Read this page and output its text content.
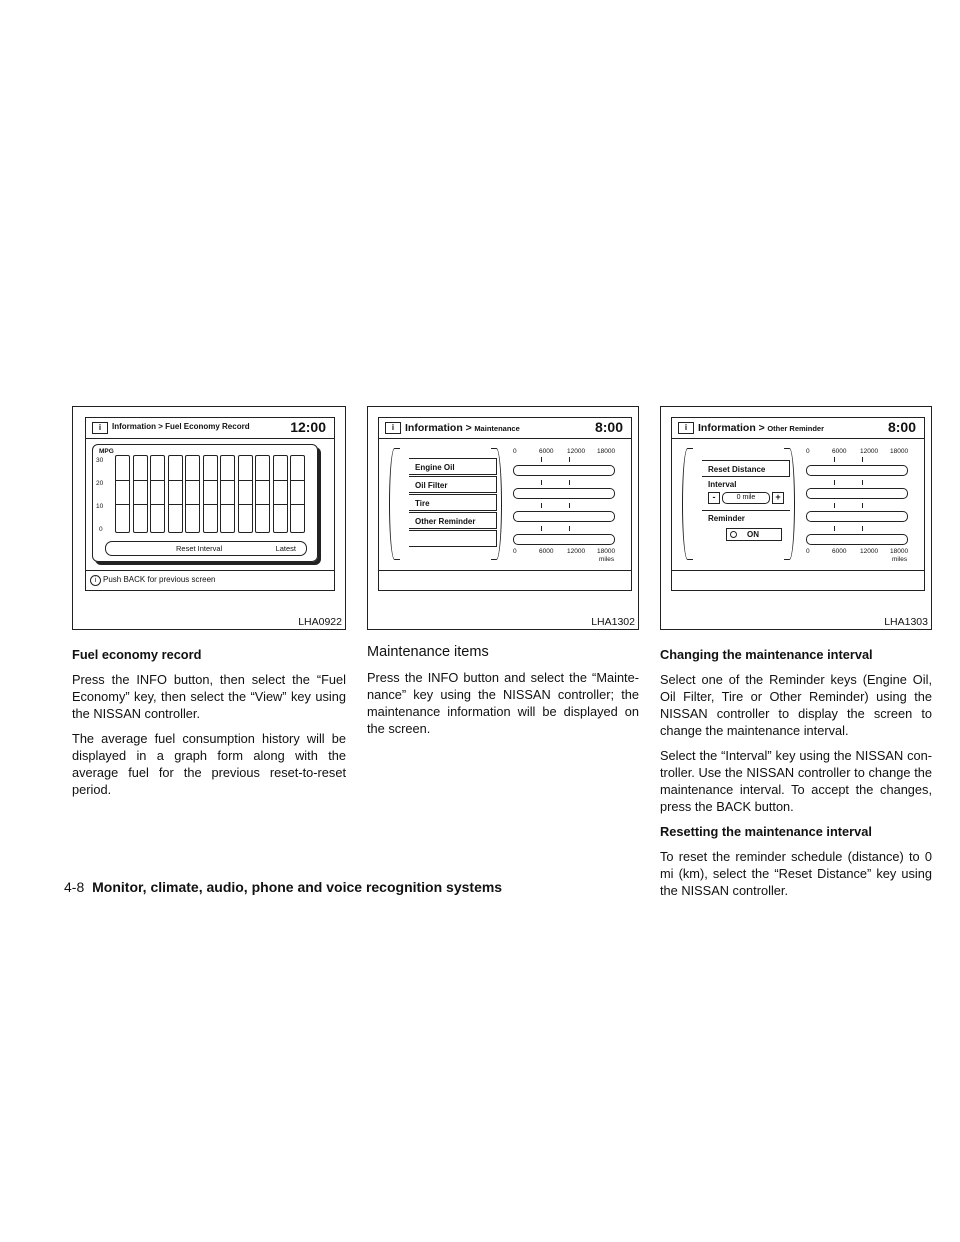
i	Information > Fuel Economy Record	12:00
MPG
30
20
10
0
Reset Interval	Latest
i Push BACK for previous screen
LHA0922
i	Information > Maintenance	8:00
Engine Oil
Oil Filter
Tire
Other Reminder
0	6000 12000 18000
0	6000 12000 18000
miles
LHA1302
i	Information > Other Reminder	8:00
Reset Distance
Interval
-	0 mile	+
Reminder
ON
0	6000 12000 18000
0	6000 12000 18000
miles
LHA1303
Fuel economy record

Press the INFO button, then select the “Fuel Economy” key, then select the “View” key using the NISSAN controller.

The average fuel consumption history will be displayed in a graph form along with the average fuel for the previous reset-to-reset period.

Maintenance items

Press the INFO button and select the “Mainte-nance” key using the NISSAN controller; the maintenance information will be displayed on the screen.

Changing the maintenance interval

Select one of the Reminder keys (Engine Oil, Oil Filter, Tire or Other Reminder) using the NISSAN controller to display the screen to change the maintenance interval.

Select the “Interval” key using the NISSAN con-troller. Use the NISSAN controller to change the maintenance interval. To accept the changes, press the BACK button.

Resetting the maintenance interval

To reset the reminder schedule (distance) to 0 mi (km), select the “Reset Distance” key using the NISSAN controller.

4-8 Monitor, climate, audio, phone and voice recognition systems
